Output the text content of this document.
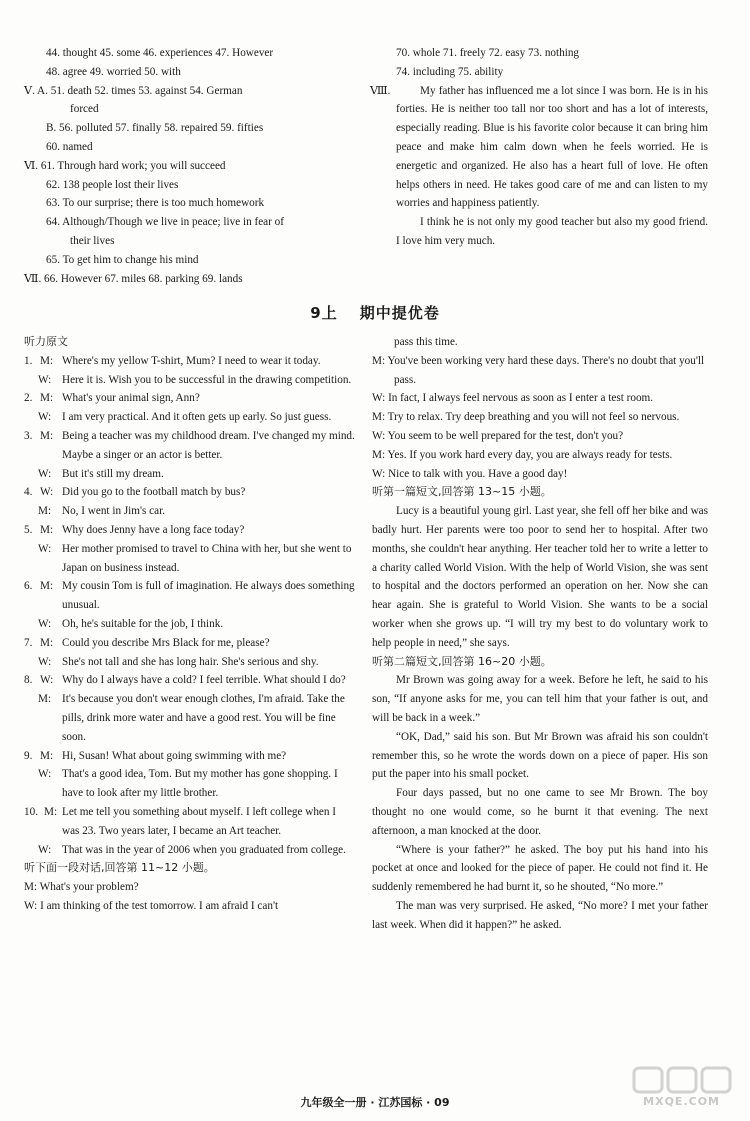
44. thought 45. some 46. experiences 47. However
48. agree 49. worried 50. with
Ⅴ. A. 51. death 52. times 53. against 54. German
forced
B. 56. polluted 57. finally 58. repaired 59. fifties
60. named
Ⅵ. 61. Through hard work; you will succeed
62. 138 people lost their lives
63. To our surprise; there is too much homework
64. Although/Though we live in peace; live in fear of
their lives
65. To get him to change his mind
Ⅶ. 66. However 67. miles 68. parking 69. lands
70. whole 71. freely 72. easy 73. nothing
74. including 75. ability
Ⅷ.	My father has influenced me a lot since I was born. He is in his forties. He is neither too tall nor too short and has a lot of interests, especially reading. Blue is his favorite color because it can bring him peace and make him calm down when he feels worried. He is energetic and organized. He also has a heart full of love. He often helps others in need. He takes good care of me and can listen to my worries and happiness patiently.
I think he is not only my good teacher but also my good friend. I love him very much.
9上 期中提优卷
听力原文
1. M: Where's my yellow T-shirt, Mum? I need to wear it today.
W: Here it is. Wish you to be successful in the drawing competition.
2. M: What's your animal sign, Ann?
W: I am very practical. And it often gets up early. So just guess.
3. M: Being a teacher was my childhood dream. I've changed my mind. Maybe a singer or an actor is better.
W: But it's still my dream.
4. W: Did you go to the football match by bus?
M: No, I went in Jim's car.
5. M: Why does Jenny have a long face today?
W: Her mother promised to travel to China with her, but she went to Japan on business instead.
6. M: My cousin Tom is full of imagination. He always does something unusual.
W: Oh, he's suitable for the job, I think.
7. M: Could you describe Mrs Black for me, please?
W: She's not tall and she has long hair. She's serious and shy.
8. W: Why do I always have a cold? I feel terrible. What should I do?
M: It's because you don't wear enough clothes, I'm afraid. Take the pills, drink more water and have a good rest. You will be fine soon.
9. M: Hi, Susan! What about going swimming with me?
W: That's a good idea, Tom. But my mother has gone shopping. I have to look after my little brother.
10. M: Let me tell you something about myself. I left college when I was 23. Two years later, I became an Art teacher.
W: That was in the year of 2006 when you graduated from college.
听下面一段对话,回答第 11~12 小题。
M: What's your problem?
W: I am thinking of the test tomorrow. I am afraid I can't
pass this time.
M: You've been working very hard these days. There's no doubt that you'll pass.
W: In fact, I always feel nervous as soon as I enter a test room.
M: Try to relax. Try deep breathing and you will not feel so nervous.
W: You seem to be well prepared for the test, don't you?
M: Yes. If you work hard every day, you are always ready for tests.
W: Nice to talk with you. Have a good day!
听第一篇短文,回答第 13~15 小题。
Lucy is a beautiful young girl. Last year, she fell off her bike and was badly hurt. Her parents were too poor to send her to hospital. After two months, she couldn't hear anything. Her teacher told her to write a letter to a charity called World Vision. With the help of World Vision, she was sent to hospital and the doctors performed an operation on her. Now she can hear again. She is grateful to World Vision. She wants to be a social worker when she grows up. “I will try my best to do voluntary work to help people in need,” she says.
听第二篇短文,回答第 16~20 小题。
Mr Brown was going away for a week. Before he left, he said to his son, “If anyone asks for me, you can tell him that your father is out, and will be back in a week.”
“OK, Dad,” said his son. But Mr Brown was afraid his son couldn't remember this, so he wrote the words down on a piece of paper. His son put the paper into his small pocket.
Four days passed, but no one came to see Mr Brown. The boy thought no one would come, so he burnt it that evening. The next afternoon, a man knocked at the door.
“Where is your father?” he asked. The boy put his hand into his pocket at once and looked for the piece of paper. He could not find it. He suddenly remembered he had burnt it, so he shouted, “No more.”
The man was very surprised. He asked, “No more? I met your father last week. When did it happen?” he asked.
九年级全一册 · 江苏国标 · 09	MXQE.COM
